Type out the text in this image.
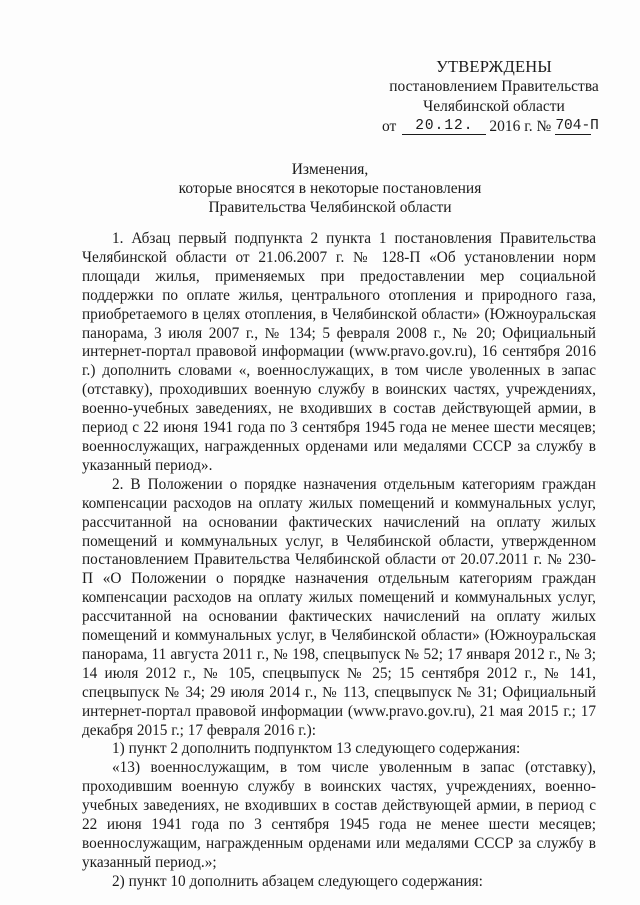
УТВЕРЖДЕНЫ
постановлением Правительства
Челябинской области
от	20.12.	2016 г. № 704-П
Изменения,
которые вносятся в некоторые постановления
Правительства Челябинской области

1. Абзац первый подпункта 2 пункта 1 постановления Правительства Челябинской области от 21.06.2007 г. № 128-П «Об установлении норм площади жилья, применяемых при предоставлении мер социальной поддержки по оплате жилья, центрального отопления и природного газа, приобретаемого в целях отопления, в Челябинской области» (Южноуральская панорама, 3 июля 2007 г., № 134; 5 февраля 2008 г., № 20; Официальный интернет-портал правовой информации (www.pravo.gov.ru), 16 сентября 2016 г.) дополнить словами «, военнослужащих, в том числе уволенных в запас (отставку), проходивших военную службу в воинских частях, учреждениях, военно-учебных заведениях, не входивших в состав действующей армии, в период с 22 июня 1941 года по 3 сентября 1945 года не менее шести месяцев; военнослужащих, награжденных орденами или медалями СССР за службу в указанный период».

2. В Положении о порядке назначения отдельным категориям граждан компенсации расходов на оплату жилых помещений и коммунальных услуг, рассчитанной на основании фактических начислений на оплату жилых помещений и коммунальных услуг, в Челябинской области, утвержденном постановлением Правительства Челябинской области от 20.07.2011 г. № 230-П «О Положении о порядке назначения отдельным категориям граждан компенсации расходов на оплату жилых помещений и коммунальных услуг, рассчитанной на основании фактических начислений на оплату жилых помещений и коммунальных услуг, в Челябинской области» (Южноуральская панорама, 11 августа 2011 г., № 198, спецвыпуск № 52; 17 января 2012 г., № 3; 14 июля 2012 г., № 105, спецвыпуск № 25; 15 сентября 2012 г., № 141, спецвыпуск № 34; 29 июля 2014 г., № 113, спецвыпуск № 31; Официальный интернет-портал правовой информации (www.pravo.gov.ru), 21 мая 2015 г.; 17 декабря 2015 г.; 17 февраля 2016 г.):

1) пункт 2 дополнить подпунктом 13 следующего содержания:

«13) военнослужащим, в том числе уволенным в запас (отставку), проходившим военную службу в воинских частях, учреждениях, военно-учебных заведениях, не входивших в состав действующей армии, в период с 22 июня 1941 года по 3 сентября 1945 года не менее шести месяцев; военнослужащим, награжденным орденами или медалями СССР за службу в указанный период.»;

2) пункт 10 дополнить абзацем следующего содержания:
